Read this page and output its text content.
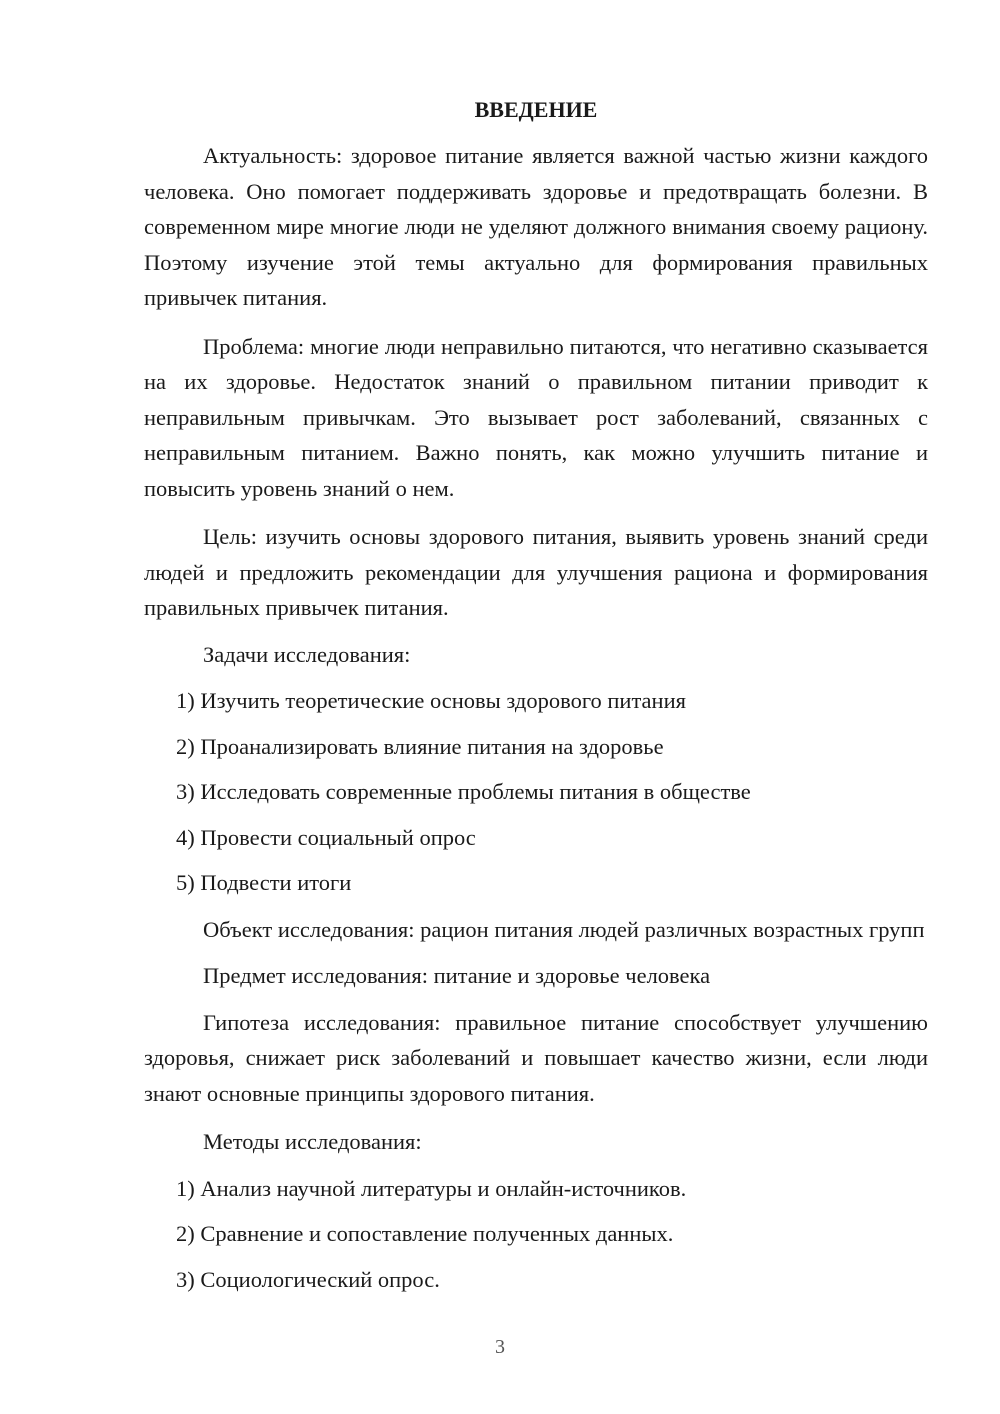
ВВЕДЕНИЕ

Актуальность: здоровое питание является важной частью жизни каждого человека. Оно помогает поддерживать здоровье и предотвращать болезни. В современном мире многие люди не уделяют должного внимания своему рациону. Поэтому изучение этой темы актуально для формирования правильных привычек питания.

Проблема: многие люди неправильно питаются, что негативно сказывается на их здоровье. Недостаток знаний о правильном питании приводит к неправильным привычкам. Это вызывает рост заболеваний, связанных с неправильным питанием. Важно понять, как можно улучшить питание и повысить уровень знаний о нем.

Цель: изучить основы здорового питания, выявить уровень знаний среди людей и предложить рекомендации для улучшения рациона и формирования правильных привычек питания.

Задачи исследования:

1) Изучить теоретические основы здорового питания

2) Проанализировать влияние питания на здоровье

3) Исследовать современные проблемы питания в обществе

4) Провести социальный опрос

5) Подвести итоги

Объект исследования: рацион питания людей различных возрастных групп

Предмет исследования: питание и здоровье человека

Гипотеза исследования: правильное питание способствует улучшению здоровья, снижает риск заболеваний и повышает качество жизни, если люди знают основные принципы здорового питания.

Методы исследования:

1) Анализ научной литературы и онлайн-источников.

2) Сравнение и сопоставление полученных данных.

3) Социологический опрос.

3
